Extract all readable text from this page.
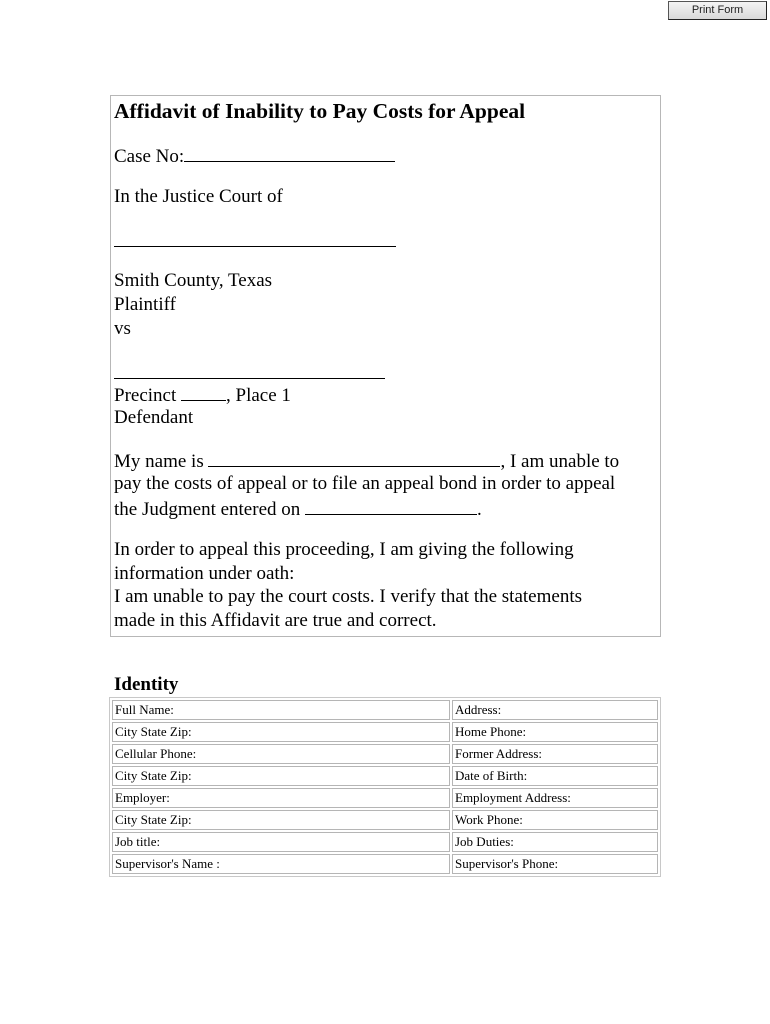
Print Form
Affidavit of Inability to Pay Costs for Appeal
Case No:
In the Justice Court of
Smith County, Texas
Plaintiff
vs
Precinct , Place 1
Defendant
My name is	, I am unable to
pay the costs of appeal or to file an appeal bond in order to appeal
the Judgment entered on	.
In order to appeal this proceeding, I am giving the following
information under oath:
I am unable to pay the court costs. I verify that the statements
made in this Affidavit are true and correct.
Identity
Full Name:	Address:
City State Zip:	Home Phone:
Cellular Phone:	Former Address:
City State Zip:	Date of Birth:
Employer:	Employment Address:
City State Zip:	Work Phone:
Job title:	Job Duties:
Supervisor's Name :	Supervisor's Phone:
